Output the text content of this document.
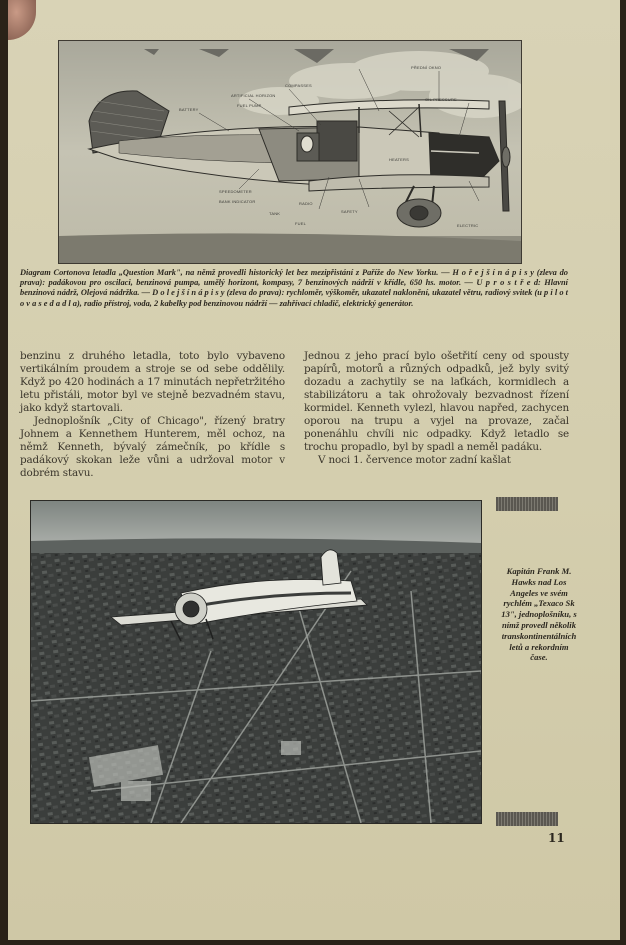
PŘEDNÍ OKNO
COMPASSES
ARTIFICIAL HORIZON
FUEL PUMP
BATTERY
SPEEDOMETER
OIL PRESSURE
BANK INDICATOR
HEATERS
SAFETY
FUEL	ELECTRIC
RADIO
TANK
Diagram Cortonova letadla „Question Mark", na němž provedli historický let bez mezipřistání z Paříže do New Yorku. — H o ř e j š í n á p i s y (zleva do prava): padákovou pro oscilaci, benzinová pumpa, umělý horizont, kompasy, 7 benzinových nádrží v křídle, 650 hs. motor. — U p r o s t ř e d: Hlavní benzinová nádrž, Olejová nádržka. — D o l e j š í n á p i s y (zleva do prava): rychloměr, výškoměr, ukazatel naklonění, ukazatel větru, radiový svitek (u p i l o t o v a s e d a d l a), radio přístroj, voda, 2 kabelky pod benzinovou nádrží — zahřívací chladič, elektrický generátor.

benzinu z druhého letadla, toto bylo vybaveno vertikálním proudem a stroje se od sebe oddělily. Když po 420 hodinách a 17 minutách nepřetržitého letu přistáli, motor byl ve stejně bezvadném stavu, jako když startovali.

Jednoplošník „City of Chicago", řízený bratry Johnem a Kennethem Hunterem, měl ochoz, na němž Kenneth, bývalý zámečník, po křídle s padákový skokan leže vůni a udržoval motor v dobrém stavu.

Jednou z jeho prací bylo ošetřití ceny od spousty papírů, motorů a různých odpadků, jež byly svitý dozadu a zachytily se na laťkách, kormidlech a stabilizátoru a tak ohrožovaly bezvadnost řízení kormidel. Kenneth vylezl, hlavou napřed, zachycen oporou na trupu a vyjel na provaze, začal ponenáhlu chvíli nic odpadky. Když letadlo se trochu propadlo, byl by spadl a neměl padáku.

V noci 1. července motor zadní kašlat

Kapitán Frank M. Hawks nad Los Angeles ve svém rychlém „Texaco Sk 13", jednoplošníku, s nímž provedl několik transkontinentálních letů a rekordním čase.
11
